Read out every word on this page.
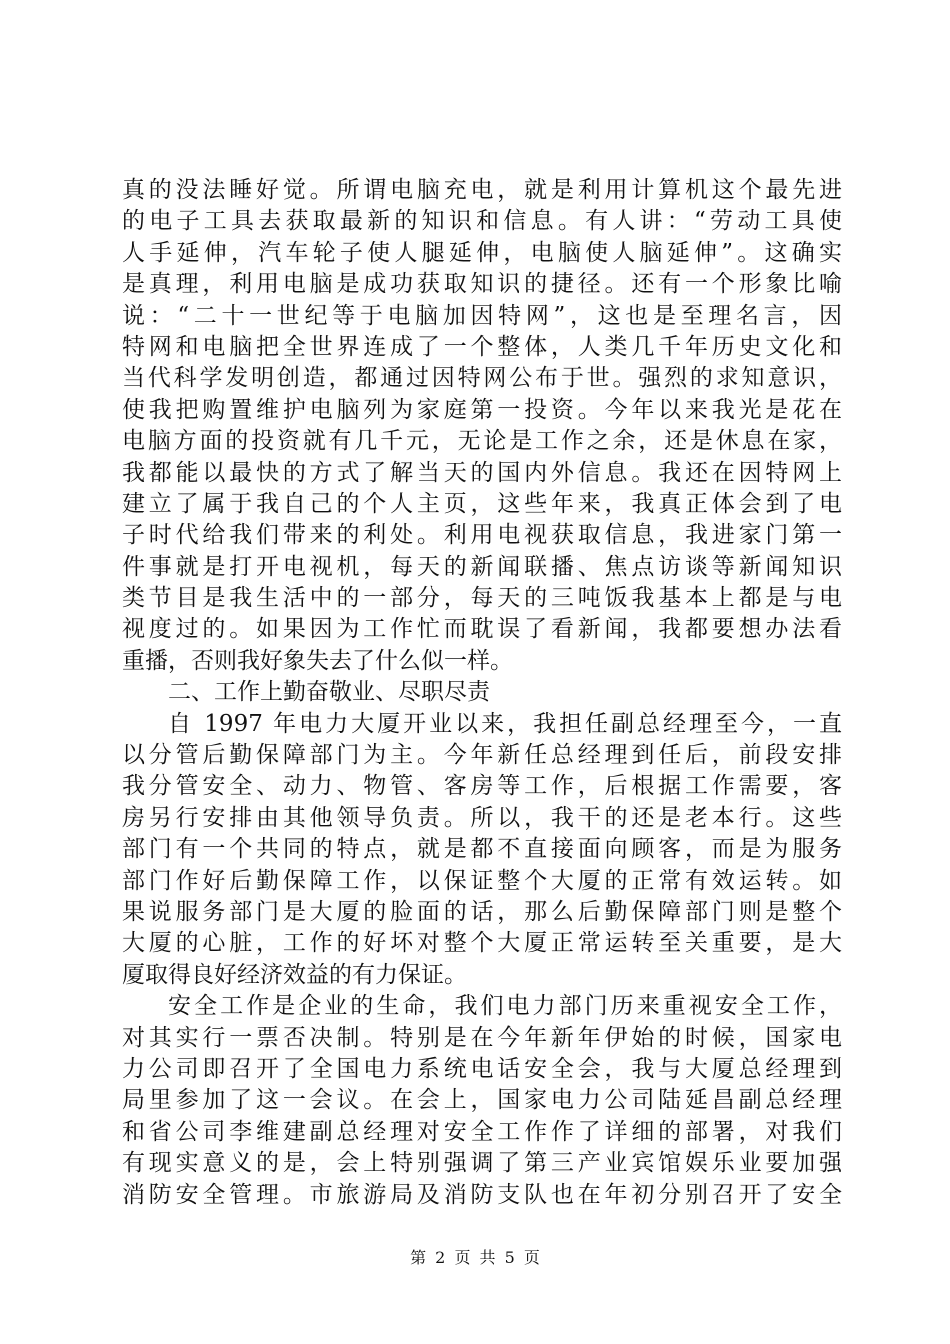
真的没法睡好觉。所谓电脑充电，就是利用计算机这个最先进
的电子工具去获取最新的知识和信息。有人讲：“劳动工具使
人手延伸，汽车轮子使人腿延伸，电脑使人脑延伸”。这确实
是真理，利用电脑是成功获取知识的捷径。还有一个形象比喻
说：“二十一世纪等于电脑加因特网”，这也是至理名言，因
特网和电脑把全世界连成了一个整体，人类几千年历史文化和
当代科学发明创造，都通过因特网公布于世。强烈的求知意识，
使我把购置维护电脑列为家庭第一投资。今年以来我光是花在
电脑方面的投资就有几千元，无论是工作之余，还是休息在家，
我都能以最快的方式了解当天的国内外信息。我还在因特网上
建立了属于我自己的个人主页，这些年来，我真正体会到了电
子时代给我们带来的利处。利用电视获取信息，我进家门第一
件事就是打开电视机，每天的新闻联播、焦点访谈等新闻知识
类节目是我生活中的一部分，每天的三吨饭我基本上都是与电
视度过的。如果因为工作忙而耽误了看新闻，我都要想办法看
重播，否则我好象失去了什么似一样。
二、工作上勤奋敬业、尽职尽责
自 1997 年电力大厦开业以来，我担任副总经理至今，一直
以分管后勤保障部门为主。今年新任总经理到任后，前段安排
我分管安全、动力、物管、客房等工作，后根据工作需要，客
房另行安排由其他领导负责。所以，我干的还是老本行。这些
部门有一个共同的特点，就是都不直接面向顾客，而是为服务
部门作好后勤保障工作，以保证整个大厦的正常有效运转。如
果说服务部门是大厦的脸面的话，那么后勤保障部门则是整个
大厦的心脏，工作的好坏对整个大厦正常运转至关重要，是大
厦取得良好经济效益的有力保证。
安全工作是企业的生命，我们电力部门历来重视安全工作，
对其实行一票否决制。特别是在今年新年伊始的时候，国家电
力公司即召开了全国电力系统电话安全会，我与大厦总经理到
局里参加了这一会议。在会上，国家电力公司陆延昌副总经理
和省公司李维建副总经理对安全工作作了详细的部署，对我们
有现实意义的是，会上特别强调了第三产业宾馆娱乐业要加强
消防安全管理。市旅游局及消防支队也在年初分别召开了安全
第 2 页 共 5 页
